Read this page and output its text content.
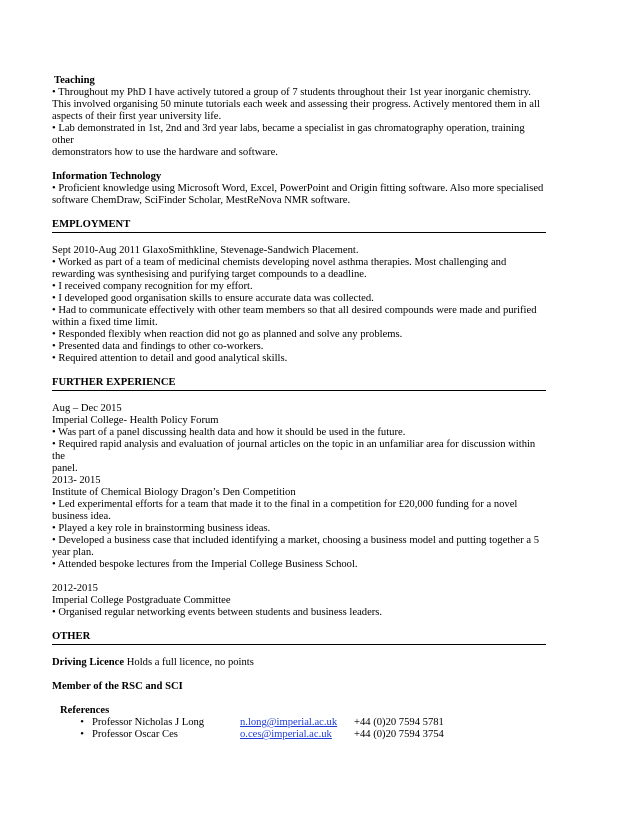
Teaching

• Throughout my PhD I have actively tutored a group of 7 students throughout their 1st year inorganic chemistry.

This involved organising 50 minute tutorials each week and assessing their progress. Actively mentored them in all

aspects of their first year university life.

• Lab demonstrated in 1st, 2nd and 3rd year labs, became a specialist in gas chromatography operation, training other

demonstrators how to use the hardware and software.

Information Technology

• Proficient knowledge using Microsoft Word, Excel, PowerPoint and Origin fitting software. Also more specialised

software ChemDraw, SciFinder Scholar, MestReNova NMR software.

EMPLOYMENT

Sept 2010-Aug 2011 GlaxoSmithkline, Stevenage-Sandwich Placement.

• Worked as part of a team of medicinal chemists developing novel asthma therapies. Most challenging and

rewarding was synthesising and purifying target compounds to a deadline.

• I received company recognition for my effort.

• I developed good organisation skills to ensure accurate data was collected.

• Had to communicate effectively with other team members so that all desired compounds were made and purified

within a fixed time limit.

• Responded flexibly when reaction did not go as planned and solve any problems.

• Presented data and findings to other co-workers.

• Required attention to detail and good analytical skills.

FURTHER EXPERIENCE

Aug – Dec 2015

Imperial College- Health Policy Forum

• Was part of a panel discussing health data and how it should be used in the future.

• Required rapid analysis and evaluation of journal articles on the topic in an unfamiliar area for discussion within the

panel.

2013- 2015

Institute of Chemical Biology Dragon’s Den Competition

• Led experimental efforts for a team that made it to the final in a competition for £20,000 funding for a novel

business idea.

• Played a key role in brainstorming business ideas.

• Developed a business case that included identifying a market, choosing a business model and putting together a 5

year plan.

• Attended bespoke lectures from the Imperial College Business School.

2012-2015

Imperial College Postgraduate Committee

• Organised regular networking events between students and business leaders.

OTHER

Driving Licence Holds a full licence, no points

Member of the RSC and SCI

References

• Professor Nicholas J Long	n.long@imperial.ac.uk	+44 (0)20 7594 5781
• Professor Oscar Ces	o.ces@imperial.ac.uk	+44 (0)20 7594 3754
